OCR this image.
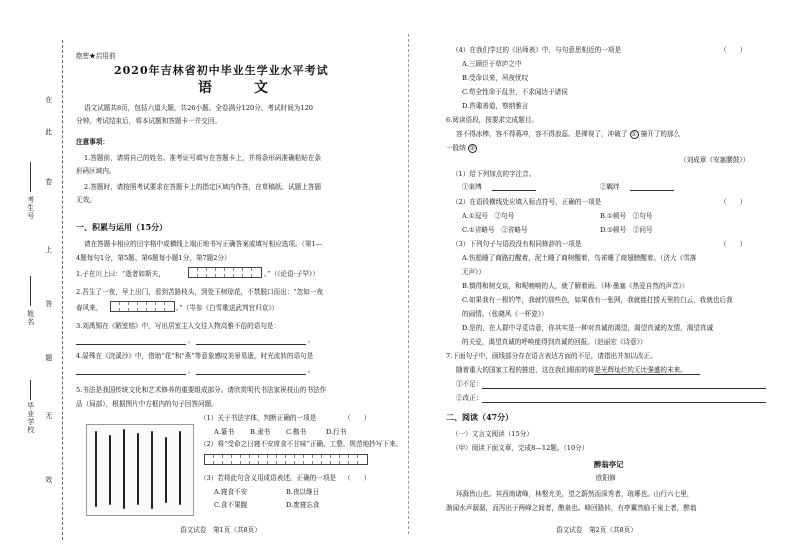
在
此
卷
上
答
题
无
效
考生号
姓名
毕业学校
绝密★启用前
2020年吉林省初中毕业生学业水平考试
语　文
语文试题共8页，包括六道大题，共26小题。全卷满分120分。考试时间为120
分钟。考试结束后，将本试题和答题卡一并交回。
注意事项：
1.答题前，请将自己的姓名、准考证号填写在答题卡上，并将条形码准确粘贴在条
形码区域内。
2.答题时，请按照考试要求在答题卡上的指定区域内作答，在草稿纸、试题上答题
无效。
一、积累与运用（15分）
请在答题卡相应的田字格中或横线上端正地书写正确答案或填写相应选项。（第1—
4题每句1分，第5题、第6题每小题1分，第7题2分）
1.子在川上曰：“逝者如斯夫，	。”（《论语·子罕》）
2.吾生了一夜，早上出门，看到苦路枝头，到处玉树琼花，不禁脱口而出：“忽如一夜
春风来，	。”（岑参《白雪歌送武判官归京》）
3.刘禹锡在《陋室铭》中，写出居室主人交往人物高雅不俗的语句是：
，	。
4.晏殊在《浣溪沙》中，借助“花”和“燕”等意象感叹美景易逝，时光流转的语句是
，	。
5.书法是我国传统文化和艺术修养的重要组成部分。请欣赏明代书法家祝枝山的书法作
品（局部），根据图片中方框内的句子回答问题。
（1）关于书法字体，判断正确的一项是	（　　）
A.篆书 B.隶书 C.楷书	D.行书
（2）将“受命之日寝不安席食不甘味”正确、工整、规范地抄写下来。
（3）若将此句含义用成语表述，正确的一项是 （　　）
A.寝食不安	B.夜以继日
C.食不果腹	D.废寝忘食
语文试卷　第1页（共8页）
（4）在我们学过的《出师表》中，与句意思相近的一项是	（　　）
A.三顾臣于草庐之中
B.受命以来，夙夜忧叹
C.苟全性命于乱世，不求闻达于诸侯
D.咨诹善道，察纳雅言
6.阅读语段，按要求完成题目。
容不得冰棒，容不得蒋冲，容不得浪蕊。是禅视了，冲破了 ① 撞开了的那么
一股纳 ②
（刘成章《安塞腰鼓》）
（1）给下列加点的字注音。
①束缚	②羁绊
（2）在语段横线处应填入标点符号，正确的一项是	（　　）
A.①逗号　②句号	B.①顿号　②句号
C.①省略号　②省略号	D.①顿号　②问号
（3）下列句子与语段没有相同修辞的一项是	（　　）
A.伤船睡了商路打醒着，泥土睡了商树醒着，鸟雀睡了商翅膀醒着。（济大《雪落
无声》）
B.慎得和树交谈，和呢喃响的人，就了解着雨。（林·墨塞《热爱自然的声音》）
C.如果我有一根钓竿，我就钓那些色，如果我有一张网，我就能打捞天里的白云，我就也后我
的闹情。（张晓风《一杯瓷》）
D.是的，在人群中寻觅诗意，你其实是一种对真诚的渴望，渴望真诚的友情，渴望真诚
的关爱，渴望真诚的呼唤能得到真诚的回报。（赵丽宏《诗意》）
7.下面句子中，画线部分存在语言表达方面的不足，请指出并加以改正。
随着重大的国家工程的推进，这在我们眼前的将是光辉灿烂的无比强盛的未来。
①不足：
②改正：
二、阅读（47分）
（一）文言文阅读（15分）
（甲）阅读下面文章，完成8—12题。（10分）
醉翁亭记
欧阳修
环滁皆山也。其西南诸峰，林壑尤美，望之蔚然而深秀者，琅琊也。山行六七里，
渐闻水声潺潺，而泻出于两峰之间者，酿泉也。峰回路转，有亭翼然临于泉上者，醉翁
语文试卷　第2页（共8页）
